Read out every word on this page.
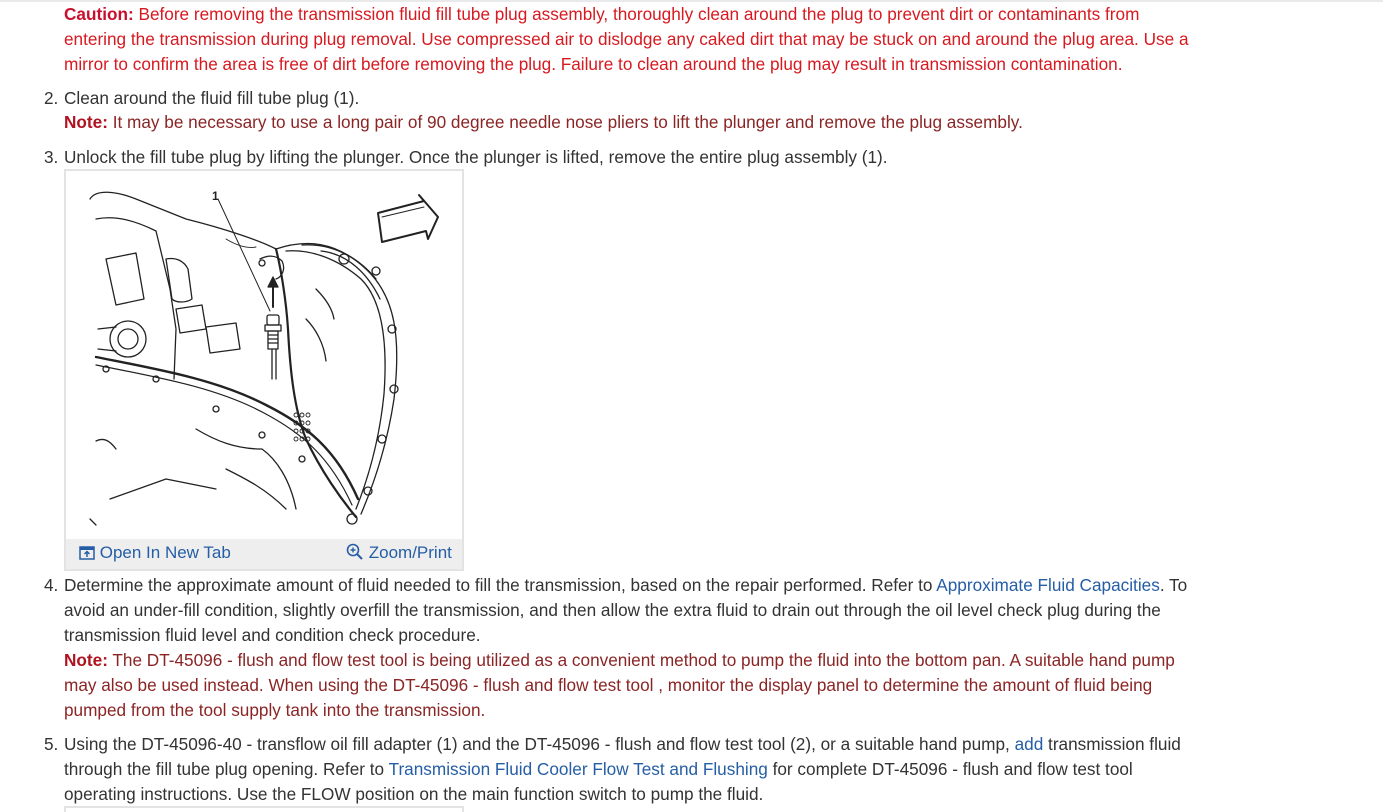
Caution: Before removing the transmission fluid fill tube plug assembly, thoroughly clean around the plug to prevent dirt or contaminants from
entering the transmission during plug removal. Use compressed air to dislodge any caked dirt that may be stuck on and around the plug area. Use a
mirror to confirm the area is free of dirt before removing the plug. Failure to clean around the plug may result in transmission contamination.
2. Clean around the fluid fill tube plug (1).
Note: It may be necessary to use a long pair of 90 degree needle nose pliers to lift the plunger and remove the plug assembly.
3. Unlock the fill tube plug by lifting the plunger. Once the plunger is lifted, remove the entire plug assembly (1).
1
Open In New Tab	Zoom/Print
4. Determine the approximate amount of fluid needed to fill the transmission, based on the repair performed. Refer to Approximate Fluid Capacities. To
avoid an under-fill condition, slightly overfill the transmission, and then allow the extra fluid to drain out through the oil level check plug during the
transmission fluid level and condition check procedure.
Note: The DT-45096 - flush and flow test tool is being utilized as a convenient method to pump the fluid into the bottom pan. A suitable hand pump
may also be used instead. When using the DT-45096 - flush and flow test tool , monitor the display panel to determine the amount of fluid being
pumped from the tool supply tank into the transmission.
5. Using the DT-45096-40 - transflow oil fill adapter (1) and the DT-45096 - flush and flow test tool (2), or a suitable hand pump, add transmission fluid
through the fill tube plug opening. Refer to Transmission Fluid Cooler Flow Test and Flushing for complete DT-45096 - flush and flow test tool
operating instructions. Use the FLOW position on the main function switch to pump the fluid.
